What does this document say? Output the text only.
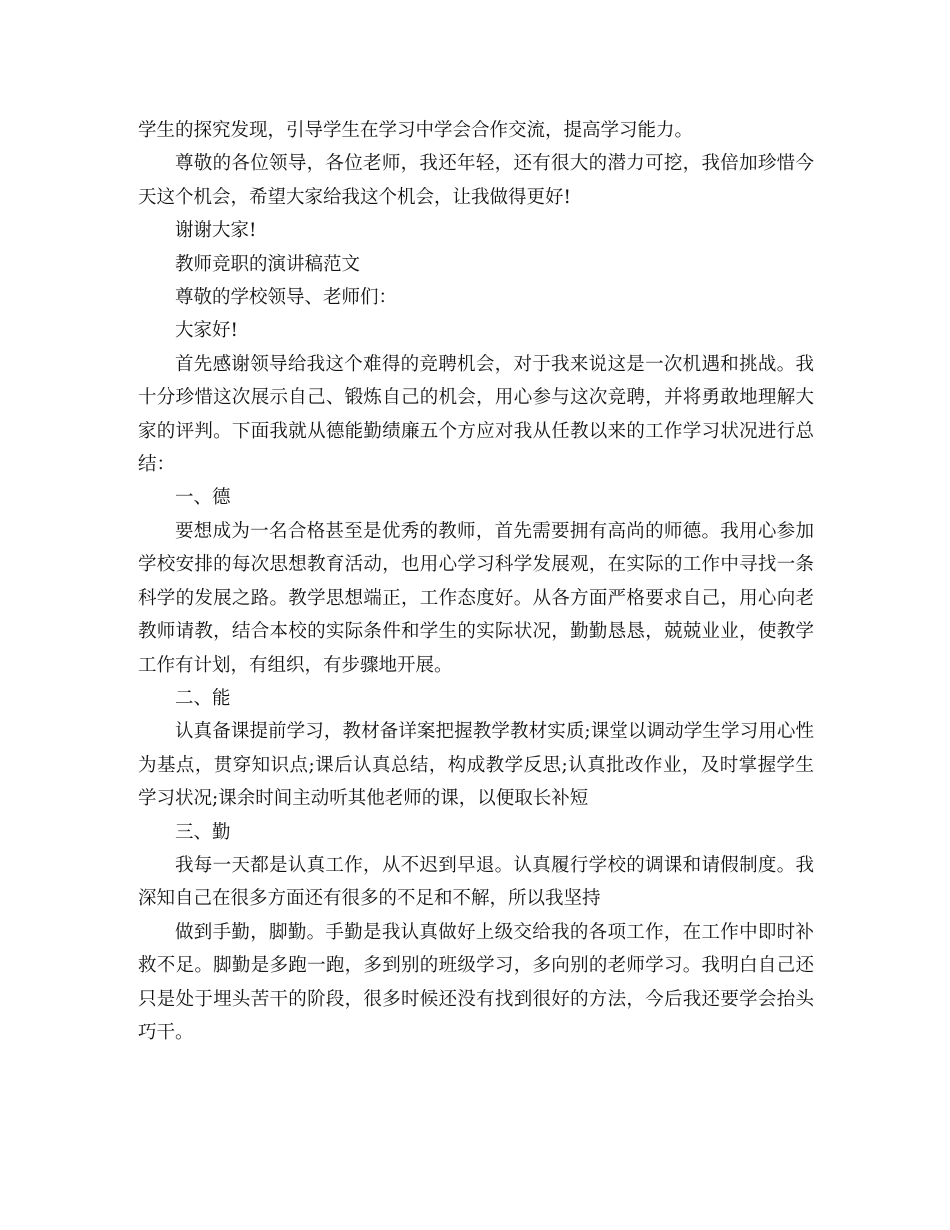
学生的探究发现，引导学生在学习中学会合作交流，提高学习能力。

尊敬的各位领导，各位老师，我还年轻，还有很大的潜力可挖，我倍加珍惜今天这个机会，希望大家给我这个机会，让我做得更好!

谢谢大家!

教师竞职的演讲稿范文

尊敬的学校领导、老师们：

大家好!

首先感谢领导给我这个难得的竞聘机会，对于我来说这是一次机遇和挑战。我十分珍惜这次展示自己、锻炼自己的机会，用心参与这次竞聘，并将勇敢地理解大家的评判。下面我就从德能勤绩廉五个方应对我从任教以来的工作学习状况进行总结：

一、德

要想成为一名合格甚至是优秀的教师，首先需要拥有高尚的师德。我用心参加学校安排的每次思想教育活动，也用心学习科学发展观，在实际的工作中寻找一条科学的发展之路。教学思想端正，工作态度好。从各方面严格要求自己，用心向老教师请教，结合本校的实际条件和学生的实际状况，勤勤恳恳，兢兢业业，使教学工作有计划，有组织，有步骤地开展。

二、能

认真备课提前学习，教材备详案把握教学教材实质;课堂以调动学生学习用心性为基点，贯穿知识点;课后认真总结，构成教学反思;认真批改作业，及时掌握学生学习状况;课余时间主动听其他老师的课，以便取长补短

三、勤

我每一天都是认真工作，从不迟到早退。认真履行学校的调课和请假制度。我深知自己在很多方面还有很多的不足和不解，所以我坚持

做到手勤，脚勤。手勤是我认真做好上级交给我的各项工作，在工作中即时补救不足。脚勤是多跑一跑，多到别的班级学习，多向别的老师学习。我明白自己还只是处于埋头苦干的阶段，很多时候还没有找到很好的方法，今后我还要学会抬头巧干。
